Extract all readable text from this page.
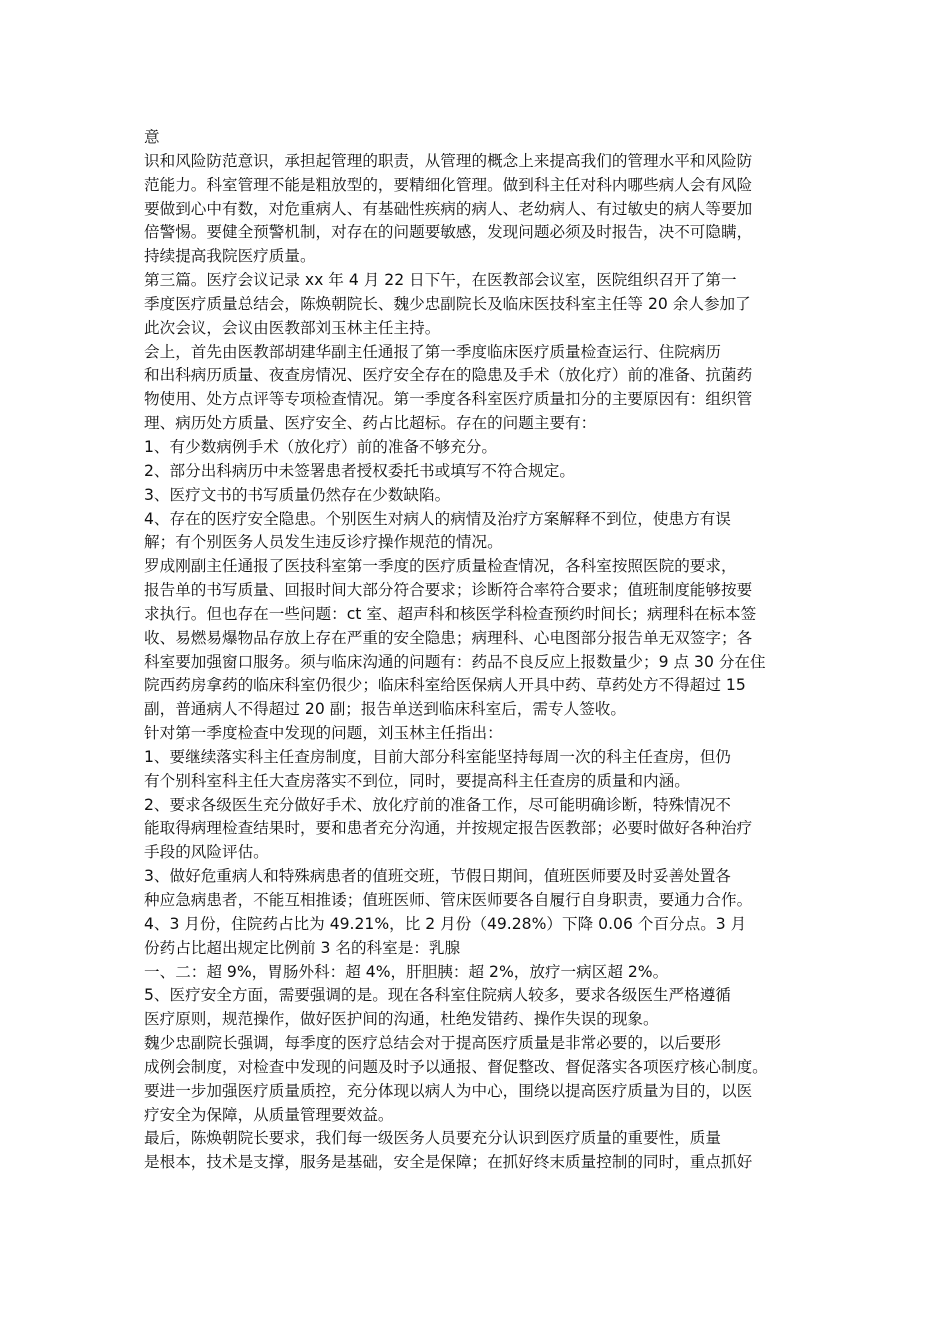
意
识和风险防范意识，承担起管理的职责，从管理的概念上来提高我们的管理水平和风险防
范能力。科室管理不能是粗放型的，要精细化管理。做到科主任对科内哪些病人会有风险
要做到心中有数，对危重病人、有基础性疾病的病人、老幼病人、有过敏史的病人等要加
倍警惕。要健全预警机制，对存在的问题要敏感，发现问题必须及时报告，决不可隐瞒，
持续提高我院医疗质量。
第三篇。医疗会议记录 xx 年 4 月 22 日下午，在医教部会议室，医院组织召开了第一
季度医疗质量总结会，陈焕朝院长、魏少忠副院长及临床医技科室主任等 20 余人参加了
此次会议，会议由医教部刘玉林主任主持。
会上，首先由医教部胡建华副主任通报了第一季度临床医疗质量检查运行、住院病历
和出科病历质量、夜查房情况、医疗安全存在的隐患及手术（放化疗）前的准备、抗菌药
物使用、处方点评等专项检查情况。第一季度各科室医疗质量扣分的主要原因有：组织管
理、病历处方质量、医疗安全、药占比超标。存在的问题主要有：
1、有少数病例手术（放化疗）前的准备不够充分。
2、部分出科病历中未签署患者授权委托书或填写不符合规定。
3、医疗文书的书写质量仍然存在少数缺陷。
4、存在的医疗安全隐患。个别医生对病人的病情及治疗方案解释不到位，使患方有误
解；有个别医务人员发生违反诊疗操作规范的情况。
罗成刚副主任通报了医技科室第一季度的医疗质量检查情况，各科室按照医院的要求，
报告单的书写质量、回报时间大部分符合要求；诊断符合率符合要求；值班制度能够按要
求执行。但也存在一些问题：ct 室、超声科和核医学科检查预约时间长；病理科在标本签
收、易燃易爆物品存放上存在严重的安全隐患；病理科、心电图部分报告单无双签字；各
科室要加强窗口服务。须与临床沟通的问题有：药品不良反应上报数量少；9 点 30 分在住
院西药房拿药的临床科室仍很少；临床科室给医保病人开具中药、草药处方不得超过 15
副，普通病人不得超过 20 副；报告单送到临床科室后，需专人签收。
针对第一季度检查中发现的问题，刘玉林主任指出：
1、要继续落实科主任查房制度，目前大部分科室能坚持每周一次的科主任查房，但仍
有个别科室科主任大查房落实不到位，同时，要提高科主任查房的质量和内涵。
2、要求各级医生充分做好手术、放化疗前的准备工作，尽可能明确诊断，特殊情况不
能取得病理检查结果时，要和患者充分沟通，并按规定报告医教部；必要时做好各种治疗
手段的风险评估。
3、做好危重病人和特殊病患者的值班交班，节假日期间，值班医师要及时妥善处置各
种应急病患者，不能互相推诿；值班医师、管床医师要各自履行自身职责，要通力合作。
4、3 月份，住院药占比为 49.21%，比 2 月份（49.28%）下降 0.06 个百分点。3 月
份药占比超出规定比例前 3 名的科室是：乳腺
一、二：超 9%，胃肠外科：超 4%，肝胆胰：超 2%，放疗一病区超 2%。
5、医疗安全方面，需要强调的是。现在各科室住院病人较多，要求各级医生严格遵循
医疗原则，规范操作，做好医护间的沟通，杜绝发错药、操作失误的现象。
魏少忠副院长强调，每季度的医疗总结会对于提高医疗质量是非常必要的，以后要形
成例会制度，对检查中发现的问题及时予以通报、督促整改、督促落实各项医疗核心制度。
要进一步加强医疗质量质控，充分体现以病人为中心，围绕以提高医疗质量为目的，以医
疗安全为保障，从质量管理要效益。
最后，陈焕朝院长要求，我们每一级医务人员要充分认识到医疗质量的重要性，质量
是根本，技术是支撑，服务是基础，安全是保障；在抓好终末质量控制的同时，重点抓好
